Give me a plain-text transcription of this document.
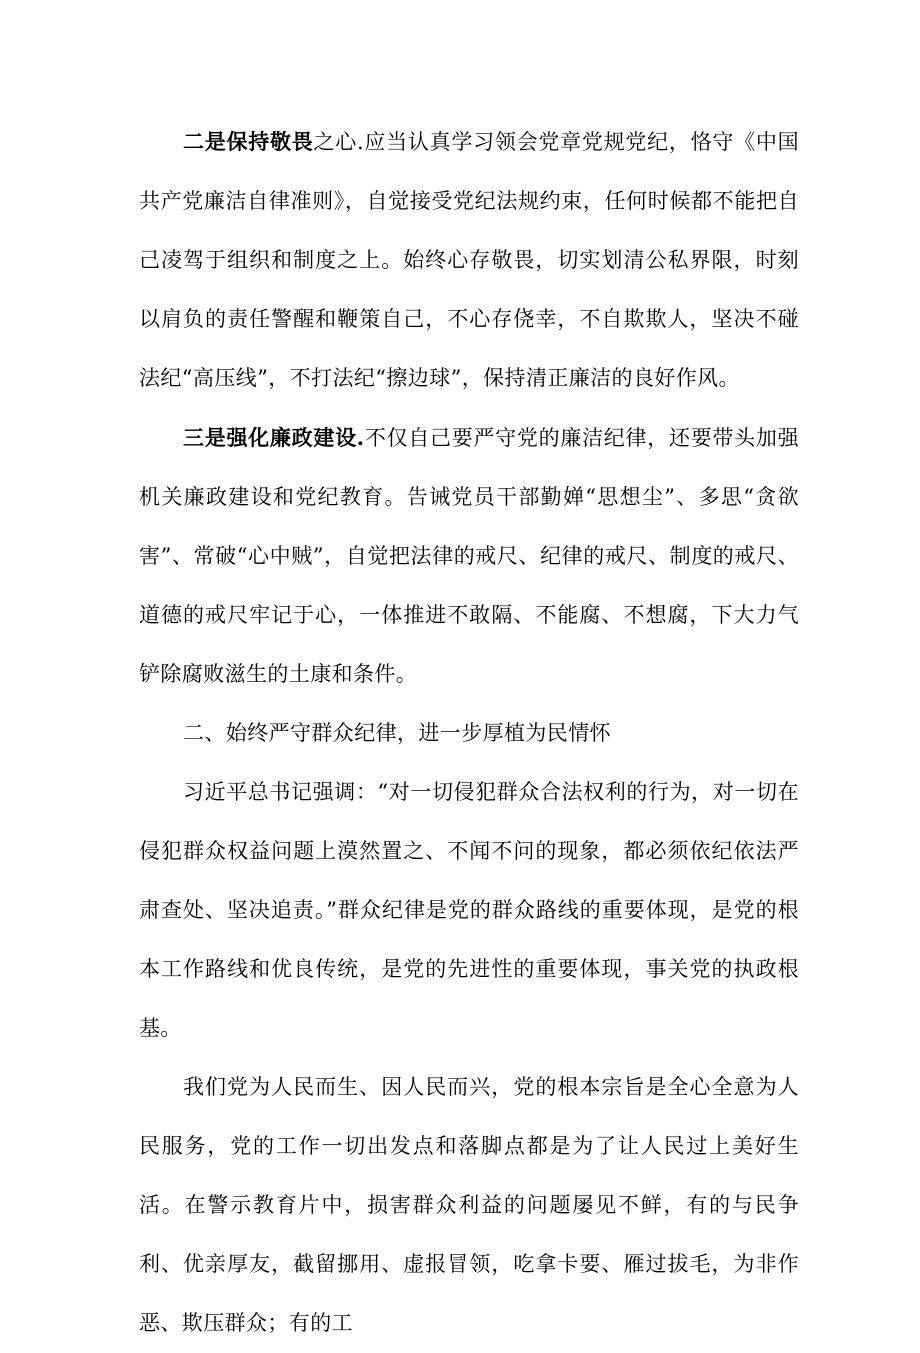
二是保持敬畏之心.应当认真学习领会党章党规党纪，恪守《中国共产党廉洁自律准则》，自觉接受党纪法规约束，任何时候都不能把自己凌驾于组织和制度之上。始终心存敬畏，切实划清公私界限，时刻以肩负的责任警醒和鞭策自己，不心存侥幸，不自欺欺人，坚决不碰法纪“高压线”，不打法纪“擦边球”，保持清正廉洁的良好作风。

三是强化廉政建设.不仅自己要严守党的廉洁纪律，还要带头加强机关廉政建设和党纪教育。告诫党员干部勤婵“思想尘”、多思“贪欲害”、常破“心中贼”，自觉把法律的戒尺、纪律的戒尺、制度的戒尺、道德的戒尺牢记于心，一体推进不敢隔、不能腐、不想腐，下大力气铲除腐败滋生的土康和条件。

二、始终严守群众纪律，进一步厚植为民情怀

习近平总书记强调：“对一切侵犯群众合法权利的行为，对一切在侵犯群众权益问题上漠然置之、不闻不问的现象，都必须依纪依法严肃查处、坚决追责。”群众纪律是党的群众路线的重要体现，是党的根本工作路线和优良传统，是党的先进性的重要体现，事关党的执政根基。

我们党为人民而生、因人民而兴，党的根本宗旨是全心全意为人民服务，党的工作一切出发点和落脚点都是为了让人民过上美好生活。在警示教育片中，损害群众利益的问题屡见不鲜，有的与民争利、优亲厚友，截留挪用、虚报冒领，吃拿卡要、雁过拔毛，为非作恶、欺压群众；有的工
